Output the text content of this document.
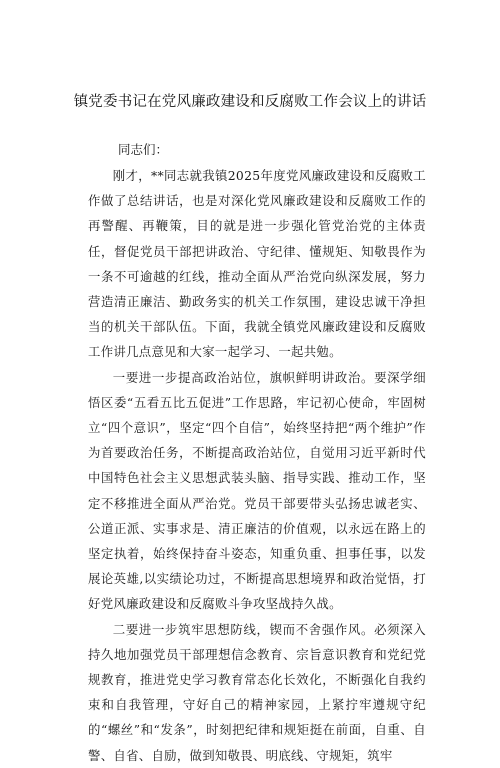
镇党委书记在党风廉政建设和反腐败工作会议上的讲话
同志们：

刚才，**同志就我镇2025年度党风廉政建设和反腐败工作做了总结讲话，也是对深化党风廉政建设和反腐败工作的再警醒、再鞭策，目的就是进一步强化管党治党的主体责任，督促党员干部把讲政治、守纪律、懂规矩、知敬畏作为一条不可逾越的红线，推动全面从严治党向纵深发展，努力营造清正廉洁、勤政务实的机关工作氛围，建设忠诚干净担当的机关干部队伍。下面，我就全镇党风廉政建设和反腐败工作讲几点意见和大家一起学习、一起共勉。

一要进一步提高政治站位，旗帜鲜明讲政治。要深学细悟区委“五看五比五促进”工作思路，牢记初心使命，牢固树立“四个意识”，坚定“四个自信”，始终坚持把“两个维护”作为首要政治任务，不断提高政治站位，自觉用习近平新时代中国特色社会主义思想武装头脑、指导实践、推动工作，坚定不移推进全面从严治党。党员干部要带头弘扬忠诚老实、公道正派、实事求是、清正廉洁的价值观，以永远在路上的坚定执着，始终保持奋斗姿态，知重负重、担事任事，以发展论英雄,以实绩论功过，不断提高思想境界和政治觉悟，打好党风廉政建设和反腐败斗争攻坚战持久战。

二要进一步筑牢思想防线，锲而不舍强作风。必须深入持久地加强党员干部理想信念教育、宗旨意识教育和党纪党规教育，推进党史学习教育常态化长效化，不断强化自我约束和自我管理，守好自己的精神家园，上紧拧牢遵规守纪的“螺丝”和“发条”，时刻把纪律和规矩挺在前面，自重、自警、自省、自励，做到知敬畏、明底线、守规矩，筑牢
